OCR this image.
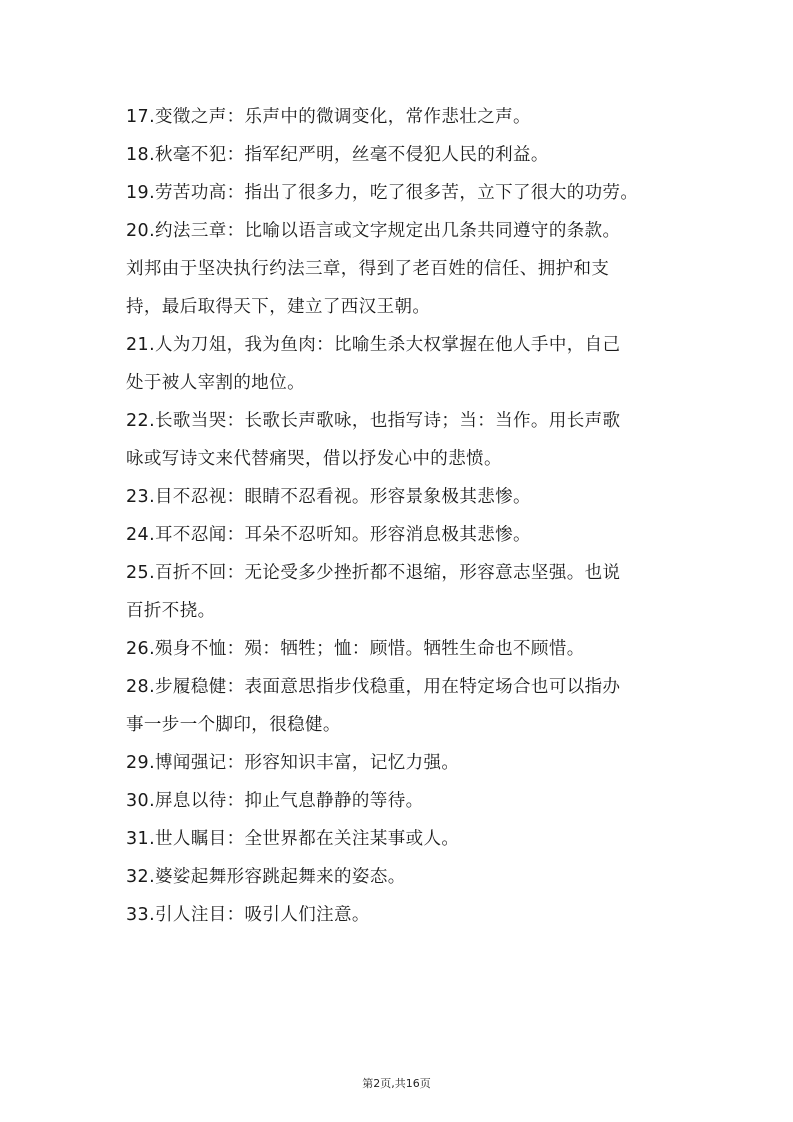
17.变徵之声：乐声中的微调变化，常作悲壮之声。

18.秋毫不犯：指军纪严明，丝毫不侵犯人民的利益。

19.劳苦功高：指出了很多力，吃了很多苦，立下了很大的功劳。

20.约法三章：比喻以语言或文字规定出几条共同遵守的条款。
刘邦由于坚决执行约法三章，得到了老百姓的信任、拥护和支
持，最后取得天下，建立了西汉王朝。

21.人为刀俎，我为鱼肉：比喻生杀大权掌握在他人手中，自己
处于被人宰割的地位。

22.长歌当哭：长歌长声歌咏，也指写诗；当：当作。用长声歌
咏或写诗文来代替痛哭，借以抒发心中的悲愤。

23.目不忍视：眼睛不忍看视。形容景象极其悲惨。

24.耳不忍闻：耳朵不忍听知。形容消息极其悲惨。

25.百折不回：无论受多少挫折都不退缩，形容意志坚强。也说
百折不挠。

26.殒身不恤：殒：牺牲；恤：顾惜。牺牲生命也不顾惜。

28.步履稳健：表面意思指步伐稳重，用在特定场合也可以指办
事一步一个脚印，很稳健。

29.博闻强记：形容知识丰富，记忆力强。

30.屏息以待：抑止气息静静的等待。

31.世人瞩目：全世界都在关注某事或人。

32.婆娑起舞形容跳起舞来的姿态。

33.引人注目：吸引人们注意。

第2页,共16页
